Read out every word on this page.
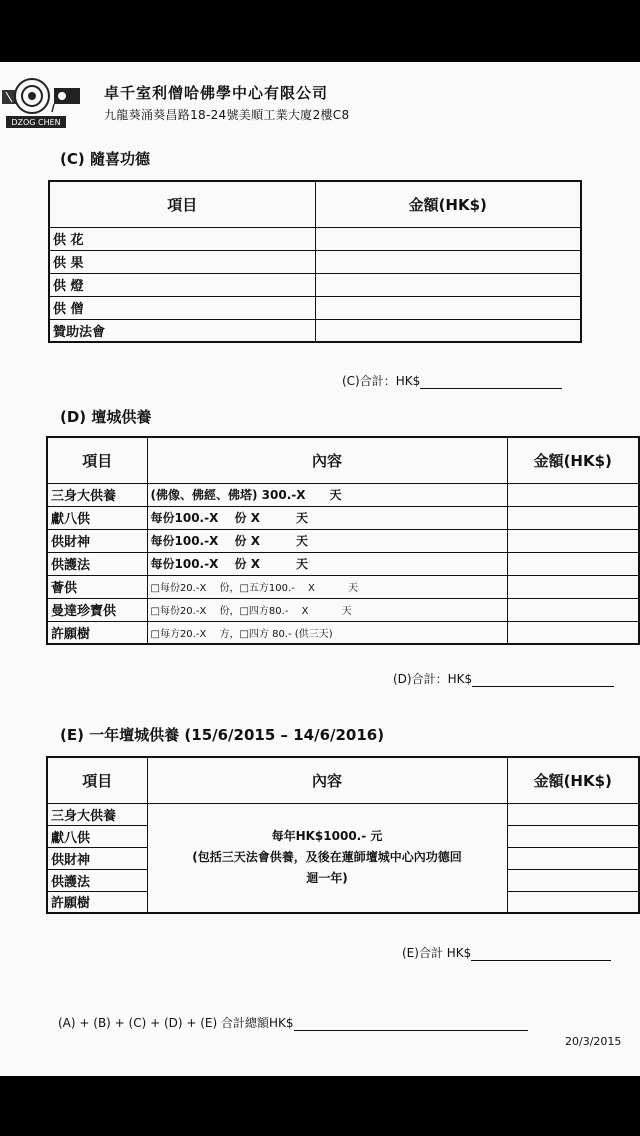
DZOG CHEN
卓千室利僧哈佛學中心有限公司
九龍葵涌葵昌路18-24號美順工業大廈2樓C8
(C) 隨喜功德
項目	金額(HK$)
供 花	
供 果	
供 燈	
供 僧	
贊助法會	
(C)合計：HK$
(D) 壇城供養
項目	內容	金額(HK$)
三身大供養	(佛像、佛經、佛塔) 300.-X　　天	
獻八供	每份100.-X　 份 X　　　天	
供財神	每份100.-X　 份 X　　　天	
供護法	每份100.-X　 份 X　　　天	
薈供	□每份20.-X　 份，□五方100.-　 X　　　 天	
曼達珍寶供	□每份20.-X　 份，□四方80.-　 X　　　 天	
許願樹	□每方20.-X　 方，□四方 80.- (供三天)	
(D)合計：HK$
(E) 一年壇城供養 (15/6/2015 – 14/6/2016)
項目	內容	金額(HK$)
三身大供養	每年HK$1000.- 元
(包括三天法會供養，及後在蓮師壇城中心內功德回
迴一年)	

獻八供		
供財神		
供護法		
許願樹		
(E)合計 HK$
(A) + (B) + (C) + (D) + (E) 合計總額HK$
20/3/2015
